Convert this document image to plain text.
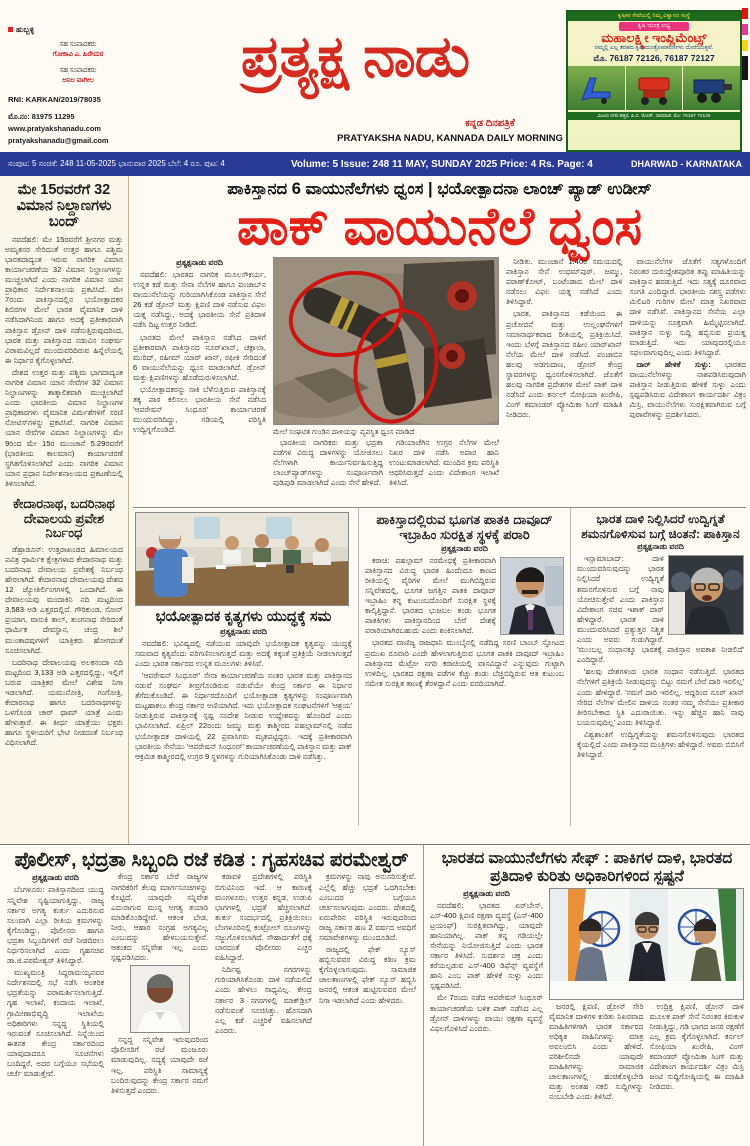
ಹುಬ್ಬಳ್ಳಿ
ಸಹ ಸಂಪಾದಕರು
ಗೋಕಾವಿ ಎ. ಹಿರೇಮಠ
ಸಹ ಸಂಪಾದಕರು
ಅನಿಲ ವಾಗೀಲ
RNI: KARKAN/2019/78035
ಮೊ.ನಂ: 81975 11295
www.pratyakshanadu.com
pratyakshanadu@gmail.com
ಪ್ರತ್ಯಕ್ಷ ನಾಡು
ಕನ್ನಡ ದಿನಪತ್ರಿಕೆ
PRATYAKSHA NADU, KANNADA DAILY MORNING
ಕೃಷಿಕರ ಸೇವೆಯಲ್ಲಿ ನಿಮ್ಮ ವಿಶ್ವಾಸದ ಸಂಸ್ಥೆ
ಕೃಷಿ ಯಂತ್ರ ಲಭ್ಯ
ಮಹಾಲಕ್ಷ್ಮೀ ಇಂಪ್ಲಿಮೆಂಟ್ಸ್
ನಮ್ಮಲ್ಲಿ ಎಲ್ಲ ತರಹದ ಕೃಷಿ ಯಂತ್ರೋಪಕರಣಗಳು ದೊರೆಯುತ್ತವೆ.
ಮೊ. 76187 72126, 76187 72127
ವಿಜಯ ನಗರ ಹತ್ತಿರ, ಪಿ.ಬಿ. ರೋಡ್, ಧಾರವಾಡ. ಮೊ: 76187 72126
ಸಂಪುಟ: 5 ಸಂಚಿಕೆ: 248 11-05-2025 ಭಾನುವಾರ 2025 ಬೆಲೆ: 4 ರೂ. ಪುಟ: 4	Volume: 5 Issue: 248 11 MAY, SUNDAY 2025 Price: 4 Rs. Page: 4	DHARWAD - KARNATAKA
ಮೇ 15ರವರೆಗೆ 32 ವಿಮಾನ ನಿಲ್ದಾಣಗಳು ಬಂದ್

ನವದೆಹಲಿ: ಮೇ 15ರವರೆಗೆ ಶ್ರೀನಗರ ಮತ್ತು ಅಮೃತಸರ ಸೇರಿದಂತೆ ಉತ್ತರ ಹಾಗೂ ಪಶ್ಚಿಮ ಭಾರತದಾದ್ಯಂತ ಇರುವ ನಾಗರಿಕ ವಿಮಾನ ಕಾರ್ಯಾಚರಣೆಯ 32 ವಿಮಾನ ನಿಲ್ದಾಣಗಳನ್ನು ಮುಚ್ಚಲಾಗಿದೆ ಎಂದು ನಾಗರಿಕ ವಿಮಾನ ಯಾನ ಪ್ರಾಧಿಕಾರ ನಿರ್ದೇಶನಾಲಯ ಪ್ರಕಟಿಸಿದೆ. ಮೇ 7ರಂದು ಪಾಕಿಸ್ತಾನದಲ್ಲಿನ ಭಯೋತ್ಪಾದಕರ ಶಿಬಿರಗಳ ಮೇಲೆ ಭಾರತ ವೈಮಾನಿಕ ದಾಳಿ ನಡೆಸಿದಾಗಿನಿಂದ ಹಾಗೂ ಅದಕ್ಕೆ ಪ್ರತೀಕಾರವಾಗಿ ಪಾಕಿಸ್ತಾನ ಡ್ರೋನ್ ದಾಳಿ ನಡೆಸುತ್ತಿರುವುದರಿಂದ, ಭಾರತ ಮತ್ತು ಪಾಕಿಸ್ತಾನದ ನಡುವಿನ ಸಂಘರ್ಷ ವಿರಾಮವಿಲ್ಲದೆ ಮುಂದುವರಿದಿರುವ ಹಿನ್ನೆಲೆಯಲ್ಲಿ ಈ ನಿರ್ಧಾರ ಕೈಗೊಳ್ಳಲಾಗಿದೆ.

ದೇಶದ ಉತ್ತರ ಮತ್ತು ಪಶ್ಚಿಮ ಭಾಗದಾದ್ಯಂತ ನಾಗರಿಕ ವಿಮಾನ ಯಾನ ಸೇವೆಗಳ 32 ವಿಮಾನ ನಿಲ್ದಾಣಗಳನ್ನು ತಾತ್ಕಾಲಿಕವಾಗಿ ಮುಚ್ಚಲಾಗಿದೆ ಎಂದು ಭಾರತೀಯ ವಿಮಾನ ನಿಲ್ದಾಣಗಳ ಪ್ರಾಧಿಕಾರಗಳು ವೈಮಾನಿಕ ವಿರ್ಮಶೆಗಳಿಗೆ ಸರಣಿ ನೋಟಿಸ್‌ಗಳನ್ನು ಪ್ರಕಟಿಸಿವೆ. ನಾಗರಿಕ ವಿಮಾನ ಯಾನ ಸೇವೆಗಳ ವಿಮಾನ ನಿಲ್ದಾಣಗಳನ್ನು ಮೇ 9ರಿಂದ ಮೇ 15ರ ಮುಂಜಾನೆ 5.29ರವರೆಗೆ (ಭಾರತೀಯ ಕಾಲಮಾನ) ಕಾರ್ಯಾಚರಣೆ ಸ್ಥಗಿತಗೊಳಿಸಲಾಗಿದೆ ಎಂದು ನಾಗರಿಕ ವಿಮಾನ ಯಾನ ಪ್ರಧಾನ ನಿರ್ದೇಶನಾಲಯದ ಪ್ರಕಟಣೆಯಲ್ಲಿ ತಿಳಿಸಲಾಗಿದೆ.

ಕೇದಾರನಾಥ, ಬದರಿನಾಥ ದೇವಾಲಯ ಪ್ರವೇಶ ನಿರ್ಬಂಧ

ಡೆಹ್ರಾಡೂನ್: ಉತ್ತರಾಖಂಡದ ಹಿಮಾಲಯದ ಪವಿತ್ರ ಧಾರ್ಮಿಕ ಕ್ಷೇತ್ರಗಳಾದ ಕೇದಾರನಾಥ ಮತ್ತು ಬದರಿನಾಥ ದೇವಾಲಯ ಪ್ರವೇಶಕ್ಕೆ ನಿರ್ಬಂಧ ಹೇರಲಾಗಿದೆ. ಕೇದಾರನಾಥ ದೇವಾಲಯವು ದೇಶದ 12 ಜ್ಯೋತಿರ್ಲಿಂಗಗಳಲ್ಲಿ ಒಂದಾಗಿದೆ. ಈ ದೇವಾಲಯವು ಮಂದಾಕಿನಿ ನದಿ ಮಟ್ಟದಿಂದ 3,583 ಅಡಿ ಎತ್ತರದಲ್ಲಿದೆ. ಗೌರಿಕುಂಡ, ಸೋನ್ ಪ್ರಯಾಗ, ವಾಸುಕಿ ತಾಲ್, ತುಂಗನಾಥ ಸೇರಿದಂತೆ ಧಾರ್ಮಿಕ ದೇವಸ್ಥಾನ, ಚಂದ್ರ ಶಿಲೆ ಮುಂತಾದವುಗಳಿಗೆ ಯಾತ್ರಿಕರು ಹೋಗದಂತೆ ಸೂಚಿಸಲಾಗಿದೆ.

ಬದರಿನಾಥ ದೇವಾಲಯವು ಅಲಕನಂದಾ ನದಿ ಮಟ್ಟದಿಂದ 3,133 ಅಡಿ ಎತ್ತರದಲ್ಲಿದ್ದು, ಇಲ್ಲಿಗೆ ಬರುವ ಯಾತ್ರಿಕರ ಮೇಲೆ ವಿಶೇಷ ನಿಗಾ ಇಡಲಾಗಿದೆ. ಯಮುನೋತ್ರಿ, ಗಂಗೋತ್ರಿ, ಕೇದಾರನಾಥ ಹಾಗೂ ಬದರಿನಾಥಗಳನ್ನು ಒಳಗೊಂಡ ಚಾರ್ ಧಾಮ್ ಯಾತ್ರೆ ಎಂದು ಹೇಳುತ್ತಾರೆ. ಈ ತೀರ್ಥ ಯಾತ್ರೆಯು ಭಕ್ತರು ಹಾಗೂ ಸ್ಥಳೀಯರಿಗೆ ಭೇಟಿ ನೀಡದಂತೆ ನಿರ್ಬಂಧ ವಿಧಿಸಲಾಗಿದೆ.

ಪಾಕಿಸ್ತಾನದ 6 ವಾಯುನೆಲೆಗಳು ಧ್ವಂಸ | ಭಯೋತ್ಪಾದನಾ ಲಾಂಚ್ ಪ್ಯಾಡ್ ಉಡೀಸ್
ಪಾಕ್ ವಾಯುನೆಲೆ ಧ್ವಂಸ
ಪ್ರತ್ಯಕ್ಷನಾಡು ವರದಿ

ನವದೆಹಲಿ: ಭಾರತದ ನಾಗರಿಕ ಮೂಲಸೌಕರ್ಯ, ಉನ್ನತ ಕಡೆ ಮತ್ತು ಸೇನಾ ನೆಲೆಗಳ ಹಾಗೂ ಪಂಜಾಬ್‌ನ ವಾಯುನೆಲೆಯನ್ನು ಗುರಿಯಾಗಿಸಿಕೊಂಡ ಪಾಕಿಸ್ತಾನ ಸೇನೆ 26 ಕಡೆ ಡ್ರೋನ್ ಮತ್ತು ಕ್ಷಿಪಣಿ ದಾಳಿ ನಡೆಸುವ ವಿಫಲ ಯತ್ನ ನಡೆಸಿದ್ದು, ಅದಕ್ಕೆ ಭಾರತೀಯ ಸೇನೆ ಪ್ರತಿದಾಳಿ ನಡೆಸಿ ದಿಟ್ಟ ಉತ್ತರ ನೀಡಿದೆ.

ಭಾರತದ ಮೇಲೆ ಪಾಕಿಸ್ತಾನ ನಡೆಸಿದ ದಾಳಿಗೆ ಪ್ರತೀಕಾರವಾಗಿ ಪಾಕಿಸ್ತಾನದ ನೂರ್‌ಖಾನ್, ಚಕ್ಲಾಲಾ, ಮುರಿದ್, ರಹೀಮ್ ಯಾರ್ ಖಾನ್, ರಫೀಕಿ ಸೇರಿದಂತೆ 6 ವಾಯುನೆಲೆಯನ್ನು ಧ್ವಂಸ ಮಾಡಲಾಗಿದೆ. ಡ್ರೋನ್ ಮತ್ತು ಕ್ಷಿಪಣಿಗಳನ್ನು ಹೊಡೆದುರುಳಿಸಲಾಗಿದೆ.

ಭಯೋತ್ಪಾದಕರನ್ನು ಸಾಕಿ ಬೆಳೆಸುತ್ತಿರುವ ಪಾಕಿಸ್ತಾನಕ್ಕೆ ತಕ್ಕ ಪಾಠ ಕಲಿಸಲು ಭಾರತೀಯ ಸೇನೆ ನಡೆಸಿದ 'ಆಪರೇಷನ್ ಸಿಂಧೂರ' ಕಾರ್ಯಾಚರಣೆ ಮುಂದುವರಿದಿದ್ದು, ಗಡಿಯಲ್ಲಿ ಪರಿಸ್ಥಿತಿ ಉದ್ವಿಗ್ನಗೊಂಡಿದೆ.	ಮೇಲೆ ಸಂಘಟಿತ ಗುಂಡಿನ ದಾಳಿಯನ್ನು ವ್ಯವಸ್ಥಿತ ಧ್ವಂಸ ಮಾಡಿದೆ

ಭಾರತೀಯ ನಾಗರಿಕರು ಮತ್ತು ಭದ್ರತಾ ಪಡೆಗಳ ವಿರುದ್ಧ ದಾಳಿಗಳನ್ನು ಯೋಜಿಸಲು ನೆಲೆಗಳಾಗಿ ಕಾರ್ಯನಿರ್ವಹಿಸುತ್ತಿದ್ದ ಲಾಂಚ್‌ಪ್ಯಾಡ್‌ಗಳನ್ನು ಸಂಪೂರ್ಣವಾಗಿ ಪುಡಿಪುಡಿ ಮಾಡಲಾಗಿದೆ ಎಂದು ಸೇನೆ ಹೇಳಿದೆ.

ಗಡಿಯಾಚೆಗಿನ ಉಗ್ರರ ನೆಲೆಗಳ ಮೇಲೆ ನಿಖರ ದಾಳಿ ನಡೆಸಿ ಅಪಾರ ಹಾನಿ ಉಂಟುಮಾಡಲಾಗಿದೆ. ಮುಂದಿನ ಕ್ರಮ ಪರಿಸ್ಥಿತಿ ಆಧರಿಸಿರುತ್ತದೆ ಎಂದು ವಿದೇಶಾಂಗ ಇಲಾಖೆ ತಿಳಿಸಿದೆ.

ನೀಡಿತು. ಮುಂಜಾನೆ 1.40ರ ಸಮಯದಲ್ಲಿ ಪಾಕಿಸ್ತಾನ ಸೇನೆ ಉಧಮ್‌ಪುರ್, ಜಮ್ಮು, ಪಠಾಣ್‌ಕೋಟ್, ಬಂಟೆಂಡಾದ ಮೇಲೆ ದಾಳಿ ನಡೆಸಲು ವಿಫಲ ಯತ್ನ ನಡೆಸಿದೆ ಎಂದು ತಿಳಿಸಿದ್ದಾರೆ.

ಭಾರತ, ಪಾಕಿಸ್ತಾನದ ಕಡೆಯಿಂದ ಈ ಪ್ರಚೋದನೆ ಮತ್ತು ಉಲ್ಲಂಘನೆಗಳಿಗೆ ಸಮಾನಾರ್ಥಕವಾದ ರೀತಿಯಲ್ಲಿ ಪ್ರತಿಕ್ರಿಯಿಸಿದೆ. ಇಂದು ಬೆಳಗ್ಗೆ ಪಾಕಿಸ್ತಾನದ ರಹೀಂ ಯಾರ್‌ಖಾನ್ ನೆಲೆಯ ಮೇಲೆ ದಾಳಿ ನಡೆಸಿದೆ. ಪಂಜಾಬಿನ ಹಲವು ಅಡಗುದಾಣ, ಡ್ರೋನ್ ಕೇಂದ್ರ ಸ್ಥಾವರಗಳನ್ನು ಧ್ವಂಸಗೊಳಿಸಲಾಗಿದೆ. ಜೊತೆಗೆ ಹಲವು ನಾಗರಿಕ ಪ್ರದೇಶಗಳ ಮೇಲೆ ಪಾಕ್ ದಾಳಿ ನಡೆಸಿದೆ ಎಂದು ಕರ್ನಲ್ ಸೋಫಿಯಾ ಖುರೇಷಿ, ವಿಂಗ್ ಕಮಾಂಡರ್ ವ್ಯೋಮಿಕಾ ಸಿಂಗ್ ಮಾಹಿತಿ ನೀಡಿದರು.

ವಾಯುನೆಲೆಗಳ ಜೊತೆಗೆ ಸತ್ಯಗಳೊಂದಿಗೆ ನಿರಂತರ ದುರುದ್ದೇಶಪೂರಿತ ತಪ್ಪು ಮಾಹಿತಿಯನ್ನು ಪಾಕಿಸ್ತಾನ ಹರಡುತ್ತಿದೆ. ಇದು ಸತ್ಯಕ್ಕೆ ದೂರವಾದ ಸಂಗತಿ ಎಂದಿದ್ದಾರೆ. ಭಾರತೀಯ ಸಶಸ್ತ್ರ ಪಡೆಗಳು ಮಿಲಿಟರಿ ಗುರಿಗಳ ಮೇಲೆ ಮಾತ್ರ ನಿಖರವಾದ ದಾಳಿ ನಡೆಸಿವೆ. ಪಾಕಿಸ್ತಾನದ ಸೇನೆಯ ಎಲ್ಲಾ ದಾಳಿಯನ್ನು ಸೂಕ್ತವಾಗಿ ಹಿಮ್ಮೆಟ್ಟಿಸಲಾಗಿದೆ. ಪಾಕಿಸ್ತಾನ ಸುಳ್ಳು ಸುದ್ದಿ ಹಬ್ಬಿಸುವ ಪ್ರಯತ್ನ ಮಾಡುತ್ತಿದೆ. ಇದು ಯಾವುದರಲ್ಲಿಯೂ ಸಫಲವಾಗುವುದಿಲ್ಲ ಎಂದು ತಿಳಿಸಿದ್ದಾರೆ.

ದಾರ್ ಹೇಳಿಕೆ ಸುಳ್ಳು: ಭಾರತದ ವಾಯುನೆಲೆಗಳನ್ನು ನಾಶಪಡಿಸಿರುವುದಾಗಿ ಪಾಕಿಸ್ತಾನ ನೀಡುತ್ತಿರುವ ಹೇಳಿಕೆ ಸುಳ್ಳು ಎಂದು ಸ್ಪಷ್ಟಪಡಿಸಿರುವ ವಿದೇಶಾಂಗ ಕಾರ್ಯದರ್ಶಿ ವಿಕ್ರಂ ಮಿಸ್ರಿ, ವಾಯುನೆಲೆಗಳು ಸುರಕ್ಷಿತವಾಗಿರುವ ಬಗ್ಗೆ ಪುರಾವೆಗಳನ್ನು ಪ್ರದರ್ಶಿಸಿದರು.

ಭಯೋತ್ಪಾದಕ ಕೃತ್ಯಗಳು ಯುದ್ಧಕ್ಕೆ ಸಮ
ಪ್ರತ್ಯಕ್ಷನಾಡು ವರದಿ

ನವದೆಹಲಿ: ಭವಿಷ್ಯದಲ್ಲಿ ನಡೆಯುವ ಯಾವುದೇ ಭಯೋತ್ಪಾದಕ ಕೃತ್ಯವನ್ನು ಯುದ್ಧಕ್ಕೆ ಸಮವಾದ ಕೃತ್ಯವೆಂದು ಪರಿಗಣಿಸಲಾಗುತ್ತದೆ ಮತ್ತು ಅದಕ್ಕೆ ತಕ್ಕಂತೆ ಪ್ರತಿಕ್ರಿಯೆ ನೀಡಲಾಗುತ್ತದೆ ಎಂದು ಭಾರತ ಸರ್ಕಾರದ ಉನ್ನತ ಮೂಲಗಳು ತಿಳಿಸಿವೆ.

'ಆಪರೇಷನ್ ಸಿಂಧೂರ್' ಸೇನಾ ಕಾರ್ಯಾಚರಣೆಯ ನಂತರ ಭಾರತ ಮತ್ತು ಪಾಕಿಸ್ತಾನದ ನಡುವೆ ಸಂಘರ್ಷ ತೀವ್ರಗೊಂಡಿರುವ ನಡುವೆಯೇ ಕೇಂದ್ರ ಸರ್ಕಾರ ಈ ನಿರ್ಧಾರ ತೆಗೆದುಕೊಂಡಿದೆ. ಈ ನಿರ್ಧಾರದೊಂದಿಗೆ ಭಯೋತ್ಪಾದಕ ಕೃತ್ಯಗಳನ್ನು ಸಂಪೂರ್ಣವಾಗಿ ಮಟ್ಟಹಾಕಲು ಕೇಂದ್ರ ಸರ್ಕಾರ ಅಣಿಯಾಗಿದೆ. ಇದು ಭಯೋತ್ಪಾದಕ ಸಂಘಟನೆಗಳಿಗೆ 'ಆಶ್ರಯ' ನೀಡುತ್ತಿರುವ ಪಾಕಿಸ್ತಾನಕ್ಕೆ ಸ್ಪಷ್ಟ ಸಂದೇಶ ನೀಡುವ ಉದ್ದೇಶವನ್ನು ಹೊಂದಿದೆ ಎಂದು ಭಾವಿಸಲಾಗಿದೆ. ಏಪ್ರಿಲ್ 22ರಂದು ಜಮ್ಮು ಮತ್ತು ಕಾಶ್ಮೀರದ ಪಹಲ್ಗಾಮ್‌ನಲ್ಲಿ ನಡೆದ ಭಯೋತ್ಪಾದಕ ದಾಳಿಯಲ್ಲಿ 22 ಪ್ರವಾಸಿಗರು ಮೃತಪಟ್ಟಿದ್ದರು. ಇದಕ್ಕೆ ಪ್ರತೀಕಾರವಾಗಿ ಭಾರತೀಯ ಸೇನೆಯು 'ಆಪರೇಷನ್ ಸಿಂಧೂರ್' ಕಾರ್ಯಾಚರಣೆಯಲ್ಲಿ ಪಾಕಿಸ್ತಾನ ಮತ್ತು ಪಾಕ್ ಆಕ್ರಮಿತ ಕಾಶ್ಮೀರದಲ್ಲಿ ಉಗ್ರರ 9 ಸ್ಥಳಗಳನ್ನು ಗುರಿಯಾಗಿಸಿಕೊಂಡು ದಾಳಿ ನಡೆಸಿತ್ತು.

ಪಾಕಿಸ್ತಾದಲ್ಲಿರುವ ಭೂಗತ ಪಾತಕಿ ದಾವೂದ್ ಇಬ್ರಾಹಿಂ ಸುರಕ್ಷಿತ ಸ್ಥಳಕ್ಕೆ ಪರಾರಿ
ಪ್ರತ್ಯಕ್ಷನಾಡು ವರದಿ

ಕರಾಚಿ: ಪಹಲ್ಗಾಮ್ ನರಮೇಧಕ್ಕೆ ಪ್ರತೀಕಾರವಾಗಿ ಪಾಕಿಸ್ತಾನದ ವಿರುದ್ಧ ಭಾರತ ಹಿಂದೆಂದೂ ಕಾಣದ ರೀತಿಯಲ್ಲಿ ವೈರಿಗಳ ಮೇಲೆ ಮುಗಿಬಿದ್ದಿರುವ ಸನ್ನಿವೇಶದಲ್ಲಿ, ಭೂಗತ ಜಗತ್ತಿನ ಪಾತಕಿ ದಾವೂದ್ ಇಬ್ರಾಹಿಂ ತನ್ನ ಕುಟುಂಬದೊಂದಿಗೆ ಸುರಕ್ಷಿತ ಸ್ಥಳಕ್ಕೆ ಕಾಲ್ಕಿತ್ತಿದ್ದಾನೆ. ಭಾರತದ ಭುಜಬಲ ಕಂಡು ಭೂಗತ ಪಾತಕಿಗಳು ಪಾಕಿಸ್ತಾನದಿಂದ ಬೇರೆ ದೇಶಕ್ಕೆ ಪರಾರಿಯಾಗಿರಬಹುದು ಎಂದು ಶಂಕಿಸಲಾಗಿದೆ.

ಭಾರತದ ವಾಣಿಜ್ಯ ರಾಜಧಾನಿ ಮುಂಬೈನಲ್ಲಿ ನಡೆದಿದ್ದ ಸರಣಿ ಬಾಂಬ್ ಸ್ಫೋಟದ ಪ್ರಮುಖ ರೂವಾರಿ ಎಂದೇ ಹೇಳಲಾಗುತ್ತಿರುವ ಭೂಗತ ಪಾತಕಿ ದಾವೂದ್ ಇಬ್ರಾಹಿಂ ಪಾಕಿಸ್ತಾನದ ಮೆಟ್ರೋ ನಗರಿ ಕರಾಚಿಯಲ್ಲಿ ವಾಸವಿದ್ದಾನೆ ಎನ್ನುವುದು ಗುಟ್ಟಾಗಿ ಉಳಿದಿಲ್ಲ. ಭಾರತದ ರಕ್ಷಣಾ ಪಡೆಗಳ ಕೆಚ್ಚು ಕಂಡು ಬೆಚ್ಚಿಬಿದ್ದಿರುವ ಆತ ಕುಟುಂಬ ಸಮೇತ ಸುರಕ್ಷಿತ ತಾಣಕ್ಕೆ ತೆರಳಿದ್ದಾನೆ ಎಂದು ವರದಿಯಾಗಿದೆ.

ಭಾರತ ದಾಳಿ ನಿಲ್ಲಿಸಿದರೆ ಉದ್ವಿಗ್ನತೆ ಶಮನಗೊಳಿಸುವ ಬಗ್ಗೆ ಚಿಂತನೆ: ಪಾಕಿಸ್ತಾನ
ಪ್ರತ್ಯಕ್ಷನಾಡು ವರದಿ

ಇಸ್ಲಾಮಾಬಾದ್: ದಾಳಿ ಮುಂದುವರಿಸುವುದನ್ನು ಭಾರತ ನಿಲ್ಲಿಸಿದರೆ ಉದ್ವಿಗ್ನತೆ ಶಮನಗೊಳಿಸುವ ಬಗ್ಗೆ ನಾವು ಯೋಚಿಸುತ್ತೇವೆ ಎಂದು ಪಾಕಿಸ್ತಾನ ವಿದೇಶಾಂಗ ಸಚಿವ ಇಶಾಕ್ ದಾರ್ ಹೇಳಿದ್ದಾರೆ. ಭಾರತ ದಾಳಿ ಮುಂದುವರಿಸಿದರೆ ಪ್ರತ್ಯುತ್ತರ ನಿಶ್ಚಿತ ಎಂದು ಅವರು ಗುಡುಗಿದ್ದಾರೆ. 'ಮುಂಬಲ್ಲ ಸಂಧಾನಕ್ಕೂ ಭಾರತಕ್ಕೆ ಪಾಕಿಸ್ತಾನ ಅವಕಾಶ ನೀಡಲಿದೆ' ಎಂದಿದ್ದಾರೆ.

'ಹಲವು ದೇಶಗಳಿಂದ ಭಾರತ ಸಂಧಾನ ನಡೆಸುತ್ತಿದೆ. ಭಾರತದ ನೆಲೆಗಳಿಗೆ ಪ್ರತಿಕ್ರಿಯೆ ನೀಡುವುದನ್ನು ಬಿಟ್ಟು ನಮಗೆ ಬೇರೆ ದಾರಿ ಇರಲಿಲ್ಲ' ಎಂದು ಹೇಳಿದ್ದಾರೆ. 'ನಮಗೆ ದಾರಿ ಇರಲಿಲ್ಲ. ಆದ್ದರಿಂದ ನೂರ್ ಖಾನ್ ಸೇರಿದ ನೆಲೆಗಳ ಮೇಲಿನ ದಾಳಿಯ ನಂತರ ನಮ್ಮ ಸೇನೆಯು ಪ್ರತೀಕಾರ ತೀರಿಸಬೇಕಾದ ಸ್ಥಿತಿ ಎದುರಾಯಿತು. ಇನ್ನು ಹೆಚ್ಚಿನ ಹಾನಿ ನಾವು ಬಯಸುವುದಿಲ್ಲ' ಎಂದು ತಿಳಿಸಿದ್ದಾರೆ.

ವಿಶ್ವಶಾಂತಿಗೆ ಉದ್ವಿಗ್ನತೆಯನ್ನು ಶಮನಗೊಳಿಸುವುದು ಭಾರತದ ಕೈಯಲ್ಲಿದೆ ಎಂದು ಪಾಕಿಸ್ತಾನದ ಮಂತ್ರಿಗಳು ಹೇಳಿದ್ದಾರೆ. ಅವರು ಬಿಬಿಸಿಗೆ ತಿಳಿಸಿದ್ದಾರೆ.

ಪೊಲೀಸ್, ಭದ್ರತಾ ಸಿಬ್ಬಂದಿ ರಜೆ ಕಡಿತ : ಗೃಹಸಚಿವ ಪರಮೇಶ್ವರ್
ಪ್ರತ್ಯಕ್ಷನಾಡು ವರದಿ

ಬೆಂಗಳೂರು: ಪಾಕಿಸ್ತಾನದಿಂದ ಯುದ್ಧ ಸನ್ನಿವೇಶ ಸೃಷ್ಟಿಯಾಗುತ್ತಿದ್ದು, ರಾಜ್ಯ ಸರ್ಕಾರ ಅಗತ್ಯ ತುರ್ತು ಎದುರಿಸುವ ಸಲುವಾಗಿ ಎಲ್ಲಾ ರೀತಿಯ ಕ್ರಮಗಳನ್ನು ಕೈಗೊಂಡಿದ್ದು, ಪೊಲೀಸರು ಹಾಗೂ ಭದ್ರತಾ ಸಿಬ್ಬಂದಿಗಳಿಗೆ ರಜೆ ನೀಡದಿರಲು ನಿರ್ಧರಿಸಲಾಗಿದೆ ಎಂದು ಗೃಹಸಚಿವ ಡಾ.ಜಿ.ಪರಮೇಶ್ವರ್ ತಿಳಿಸಿದ್ದಾರೆ.

ಮುಖ್ಯಮಂತ್ರಿ ಸಿದ್ದರಾಮಯ್ಯನವರ ನಿರ್ದೇಶನದಲ್ಲಿ ಸಭೆ ನಡೆಸಿ ಆಂತರಿಕ ಭದ್ರತೆಯನ್ನು ಪರಾಮರ್ಶಿಸಲಾಗುತ್ತಿದೆ. ಗೃಹ ಇಲಾಖೆ, ಕಂದಾಯ ಇಲಾಖೆ, ಗ್ರಾಮೀಣಾಭಿವೃದ್ಧಿ ಇಲಾಖೆಯ ಅಧಿಕಾರಿಗಳು ಸನ್ನದ್ಧ ಸ್ಥಿತಿಯಲ್ಲಿ ಇರುವಂತೆ ಸೂಚಿಸಲಾಗಿದೆ. ನಿನ್ನೆಯಿಂದ ಈತನಕ ಕೇಂದ್ರ ಸರ್ಕಾರದಿಂದ ಯಾವುದಾದರೂ ಸೂಚನೆಗಳು ಬಂದಿದ್ದರೆ, ಅದರ ಬಗ್ಗೆಯೂ ಸಭೆಯಲ್ಲಿ ಚರ್ಚೆ ಮಾಡುತ್ತೇವೆ.

ಕೇಂದ್ರ ಸರ್ಕಾರ ಬೇರೆ ರಾಜ್ಯಗಳ ನಾಗರಿಕರಿಗೆ ಕೆಲವು ಮಾರ್ಗಸೂಚಿಗಳನ್ನು ಕೊಟ್ಟಿದೆ. ಯಾವುದೇ ಸನ್ನಿವೇಶ ಎದುರಾಗುವ ಮುನ್ನ ಅಗತ್ಯ ತಯಾರಿ ಮಾಡಿಕೊಂಡಿದ್ದೇವೆ. ಆತಂಕ ಬೇಡ, ನೀರು, ಆಹಾರ ಸಂಗ್ರಹ ಅಗತ್ಯವಿಲ್ಲ ಎಂಬುದನ್ನು ಹೇಳಬಯಸುತ್ತೇನೆ. ಆತಂಕದ ಸನ್ನಿವೇಶ ಇಲ್ಲ ಎಂದು ಸ್ಪಷ್ಟಪಡಿಸಿದರು.

ಸನ್ನದ್ಧ ಸನ್ನಿವೇಶ ಇರುವುದರಿಂದ ಪೊಲೀಸರಿಗೆ ರಜೆ ಮಂಜೂರು ಮಾಡುವುದಿಲ್ಲ. ಸದ್ಯಕ್ಕೆ ಯಾವುದೇ ರಜೆ ಇಲ್ಲ. ಪರಿಸ್ಥಿತಿ ಸಾಮಾನ್ಯಕ್ಕೆ ಬಂದಿರುವುದನ್ನು ಕೇಂದ್ರ ಸರ್ಕಾರ ನಮಗೆ ತಿಳಿಸುತ್ತದೆ ಎಂದರು.

ಕರಾವಳಿ ಪ್ರದೇಶಗಳಲ್ಲಿ ಪರಿಸ್ಥಿತಿ ಬಿಗುವಿನಿಂದ ಇದೆ. ಆ ಕಾರಣಕ್ಕೆ ಮಂಗಳೂರು, ಉತ್ತರ ಕನ್ನಡ, ಉಡುಪಿ ಭಾಗಗಳಲ್ಲಿ ಭದ್ರತೆ ಹೆಚ್ಚಿಸಲಾಗಿದೆ. ತುರ್ತು ಸಂದರ್ಭದಲ್ಲಿ ಪ್ರತಿಕ್ರಿಯಿಸಲು ಬೆಂಗಳೂರಿನಲ್ಲಿ ಕಂಟ್ರೋಲ್ ರೂಂಗಳನ್ನು ಸಜ್ಜುಗೊಳಿಸಲಾಗಿದೆ. ಸೌಹಾರ್ದತೆಗೆ ಧಕ್ಕೆ ಬಾರದಂತೆ ಪೊಲೀಸರು ಎಚ್ಚರ ವಹಿಸಿದ್ದಾರೆ.

ನಿರ್ದಿಷ್ಟ ನಗರಗಳನ್ನು ಗುರಿಯಾಗಿಸಿಕೊಂಡು ದಾಳಿ ನಡೆಯಲಿದೆ ಎಂದು ಹೇಳಲು ಸಾಧ್ಯವಿಲ್ಲ. ಕೇಂದ್ರ ಸರ್ಕಾರ 3 ನಗರಗಳಲ್ಲಿ ಮಾಕ್‌ಡ್ರಿಲ್ ನಡೆಸುವಂತೆ ಸೂಚಿಸಿತ್ತು. ಹೊಸದಾಗಿ ಎಲ್ಲ ಕಡೆ ಎಚ್ಚರಿಕೆ ವಹಿಸಲಾಗಿದೆ ಎಂದರು.

ಕ್ರಮಗಳನ್ನು ನಾವು ಅನುಸರಿಸುತ್ತೇವೆ. ಎಲ್ಲೆಲ್ಲಿ ಹೆಚ್ಚು ಭದ್ರತೆ ಒದಗಿಸಬೇಕು ಎಂಬುದರ ಬಗ್ಗೆಯೂ ಚರ್ಚಿಸಲಾಗುವುದು ಎಂದರು. ದೇಶದಲ್ಲಿ ಏರುಪೇರಿನ ಪರಿಸ್ಥಿತಿ ಇರುವುದರಿಂದ ರಾಜ್ಯ ಸರ್ಕಾರ ಹಣ 2 ವರ್ಷದ ಅವಧಿಗೆ ಸಮಾವೇಶಗಳನ್ನು ಮುಂದೂಡಿದೆ.

ರಾಜ್ಯದಲ್ಲಿ ಫೇಕ್ ನ್ಯೂಸ್ ಹಬ್ಬಿಸುವವರ ವಿರುದ್ಧ ಕಠಿಣ ಕ್ರಮ ಕೈಗೊಳ್ಳಲಾಗುವುದು. ಸಾಮಾಜಿಕ ಜಾಲತಾಣಗಳಲ್ಲಿ ಫೇಕ್ ನ್ಯೂಸ್ ಹಬ್ಬಿಸಿ ಜನರಲ್ಲಿ ಆತಂಕ ಹುಟ್ಟಿಸುವವರ ಮೇಲೆ ನಿಗಾ ಇಡಲಾಗಿದೆ ಎಂದು ಹೇಳಿದರು.

ಭಾರತದ ವಾಯುನೆಲೆಗಳು ಸೇಫ್ : ಪಾಕಿಗಳ ದಾಳಿ, ಭಾರತದ ಪ್ರತಿದಾಳಿ ಕುರಿತು ಅಧಿಕಾರಿಗಳಿಂದ ಸ್ಪಷ್ಟನೆ
ಪ್ರತ್ಯಕ್ಷನಾಡು ವರದಿ

ನವದೆಹಲಿ: ಭಾರತದ ಏರ್‌ಬೇಸ್, ಎಸ್-400 ಕ್ಷಿಪಣಿ ರಕ್ಷಣಾ ವ್ಯವಸ್ಥೆ (ಎಸ್-400 ಟ್ರಯಂಫ್) ಸುರಕ್ಷಿತವಾಗಿದ್ದು, ಯಾವುದೇ ಹಾನಿಯಾಗಿಲ್ಲ. ಪಾಕ್ ತನ್ನ ಗಡಿಯಲ್ಲೇ ಸೇನೆಯನ್ನು ನಿಯೋಜಿಸುತ್ತಿದೆ ಎಂದು ಭಾರತ ಸರ್ಕಾರ ತಿಳಿಸಿದೆ. ಸುದರ್ಶನ ಚಕ್ರ ಎಂದು ಕರೆಯಲ್ಪಡುವ ಎಸ್-400 ಡಿಫೆನ್ಸ್ ವ್ಯವಸ್ಥೆಗೆ ಹಾನಿ ಎಂಬ ಪಾಕ್ ಹೇಳಿಕೆ ಸುಳ್ಳು ಎಂದು ಸ್ಪಷ್ಟಪಡಿಸಿದೆ.

ಮೇ 7ರಂದು ನಡೆದ ಆಪರೇಷನ್ ಸಿಂಧೂರ್ ಕಾರ್ಯಾಚರಣೆಯ ಬಳಿಕ ಪಾಕ್ ನಡೆಸಿದ ಎಲ್ಲ ಡ್ರೋನ್ ದಾಳಿಗಳನ್ನು ವಾಯು ರಕ್ಷಣಾ ವ್ಯವಸ್ಥೆ ವಿಫಲಗೊಳಿಸಿದೆ ಎಂದರು.

ಜನರಲ್ಲಿ ಕ್ಷಿಪಣಿ, ಡ್ರೋನ್ ಸೇರಿ ವೈಮಾನಿಕ ದಾಳಿಗಳ ಕುರಿತು ನಿಖರವಾದ ಮಾಹಿತಿಗಳಿಗಾಗಿ ಭಾರತ ಸರ್ಕಾರದ ಅಧಿಕೃತ ವಾಹಿನಿಗಳನ್ನು ಮಾತ್ರ ಅವಲಂಬಿಸಿ ಎಂದು ಹೇಳಿದೆ. ಪರಿಶೀಲಿಸದೇ ಯಾವುದೇ ಮಾಹಿತಿಗಳನ್ನು ಸಾಮಾಜಿಕ ಜಾಲತಾಣಗಳಲ್ಲಿ ಹಂಚಿಕೊಳ್ಳಬೇಡಿ ಮತ್ತು ಅಂತಹ ನಕಲಿ ಸುದ್ದಿಗಳನ್ನು ನಂಬಬೇಡಿ ಎಂದು ತಿಳಿಸಿದೆ.

ಉದ್ರಿಕ್ತ ಕ್ಷಿಪಣಿ, ಡ್ರೋನ್ ದಾಳಿ ಮೂಲಕ ಪಾಕ್ ಸೇನೆ ನಿರಂತರ ಕಿರುಕುಳ ನೀಡುತ್ತಿದ್ದು, ಗಡಿ ಭಾಗದ ಜನರ ರಕ್ಷಣೆಗೆ ಎಲ್ಲ ಕ್ರಮ ಕೈಗೊಳ್ಳಲಾಗಿದೆ. ಕರ್ನಲ್ ಸೋಫಿಯಾ ಖುರೇಷಿ, ವಿಂಗ್ ಕಮಾಂಡರ್ ವ್ಯೋಮಿಕಾ ಸಿಂಗ್ ಮತ್ತು ವಿದೇಶಾಂಗ ಕಾರ್ಯದರ್ಶಿ ವಿಕ್ರಂ ಮಿಸ್ರಿ ಜಂಟಿ ಸುದ್ದಿಗೋಷ್ಠಿಯಲ್ಲಿ ಈ ಮಾಹಿತಿ ನೀಡಿದರು.
